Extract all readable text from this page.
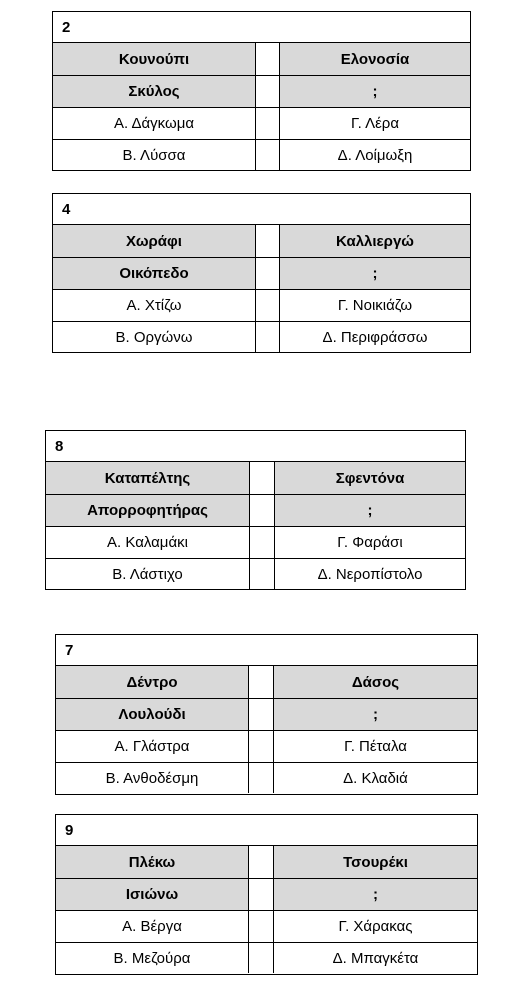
2
Κουνούπι	Ελονοσία
Σκύλος	;
Α. Δάγκωμα	Γ. Λέρα
Β. Λύσσα	Δ. Λοίμωξη
4
Χωράφι	Καλλιεργώ
Οικόπεδο	;
Α. Χτίζω	Γ. Νοικιάζω
Β. Οργώνω	Δ. Περιφράσσω
8
Καταπέλτης	Σφεντόνα
Απορροφητήρας	;
Α. Καλαμάκι	Γ. Φαράσι
Β. Λάστιχο	Δ. Νεροπίστολο
7
Δέντρο	Δάσος
Λουλούδι	;
Α. Γλάστρα	Γ. Πέταλα
Β. Ανθοδέσμη	Δ. Κλαδιά
9
Πλέκω	Τσουρέκι
Ισιώνω	;
Α. Βέργα	Γ. Χάρακας
Β. Μεζούρα	Δ. Μπαγκέτα
